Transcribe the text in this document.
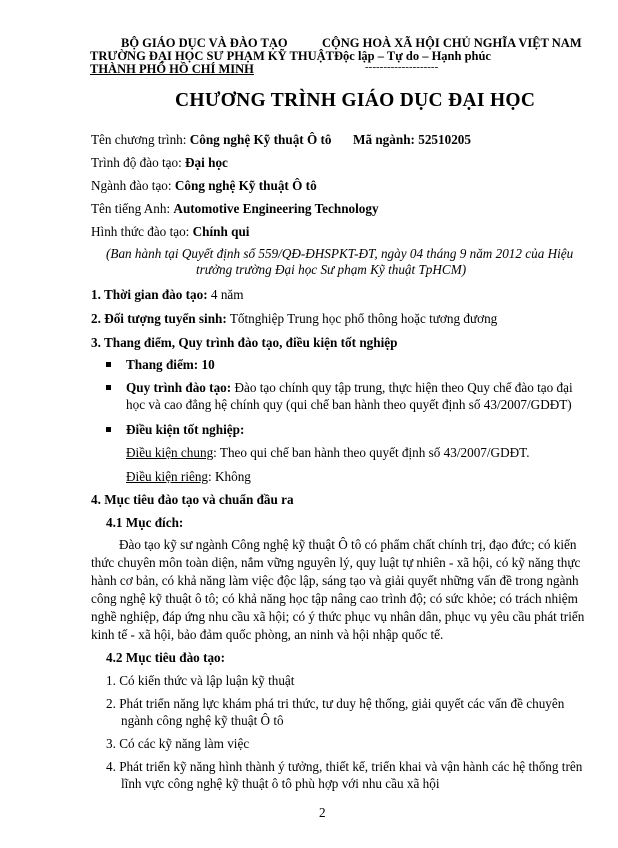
BỘ GIÁO DỤC VÀ ĐÀO TẠO	CỘNG HOÀ XÃ HỘI CHỦ NGHĨA VIỆT NAM
TRƯỜNG ĐẠI HỌC SƯ PHẠM KỸ THUẬTĐộc lập – Tự do – Hạnh phúc
THÀNH PHỐ HỒ CHÍ MINH	--------------------
CHƯƠNG TRÌNH GIÁO DỤC ĐẠI HỌC
Tên chương trình: Công nghệ Kỹ thuật Ô tô Mã ngành: 52510205
Trình độ đào tạo: Đại học
Ngành đào tạo: Công nghệ Kỹ thuật Ô tô
Tên tiếng Anh: Automotive Engineering Technology
Hình thức đào tạo: Chính qui
(Ban hành tại Quyết định số 559/QĐ-ĐHSPKT-ĐT, ngày 04 tháng 9 năm 2012 của Hiệu
trưởng trường Đại học Sư phạm Kỹ thuật TpHCM)
1. Thời gian đào tạo: 4 năm
2. Đối tượng tuyển sinh: Tốtnghiệp Trung học phổ thông hoặc tương đương
3. Thang điểm, Quy trình đào tạo, điều kiện tốt nghiệp
Thang điểm: 10
Quy trình đào tạo: Đào tạo chính quy tập trung, thực hiện theo Quy chế đào tạo đại
học và cao đẳng hệ chính quy (qui chế ban hành theo quyết định số 43/2007/GDĐT)
Điều kiện tốt nghiệp:
Điều kiện chung: Theo qui chế ban hành theo quyết định số 43/2007/GDĐT.
Điều kiện riêng: Không
4. Mục tiêu đào tạo và chuẩn đầu ra
4.1 Mục đích:
Đào tạo kỹ sư ngành Công nghệ kỹ thuật Ô tô có phẩm chất chính trị, đạo đức; có kiến
thức chuyên môn toàn diện, nắm vững nguyên lý, quy luật tự nhiên - xã hội, có kỹ năng thực
hành cơ bản, có khả năng làm việc độc lập, sáng tạo và giải quyết những vấn đề trong ngành
công nghệ kỹ thuật ô tô; có khả năng học tập nâng cao trình độ; có sức khỏe; có trách nhiệm
nghề nghiệp, đáp ứng nhu cầu xã hội; có ý thức phục vụ nhân dân, phục vụ yêu cầu phát triển
kinh tế - xã hội, bảo đảm quốc phòng, an ninh và hội nhập quốc tế.
4.2 Mục tiêu đào tạo:
1. Có kiến thức và lập luận kỹ thuật
2. Phát triển năng lực khám phá tri thức, tư duy hệ thống, giải quyết các vấn đề chuyên
ngành công nghệ kỹ thuật Ô tô
3. Có các kỹ năng làm việc
4. Phát triển kỹ năng hình thành ý tưởng, thiết kế, triển khai và vận hành các hệ thống trên
lĩnh vực công nghệ kỹ thuật ô tô phù hợp với nhu cầu xã hội
2
